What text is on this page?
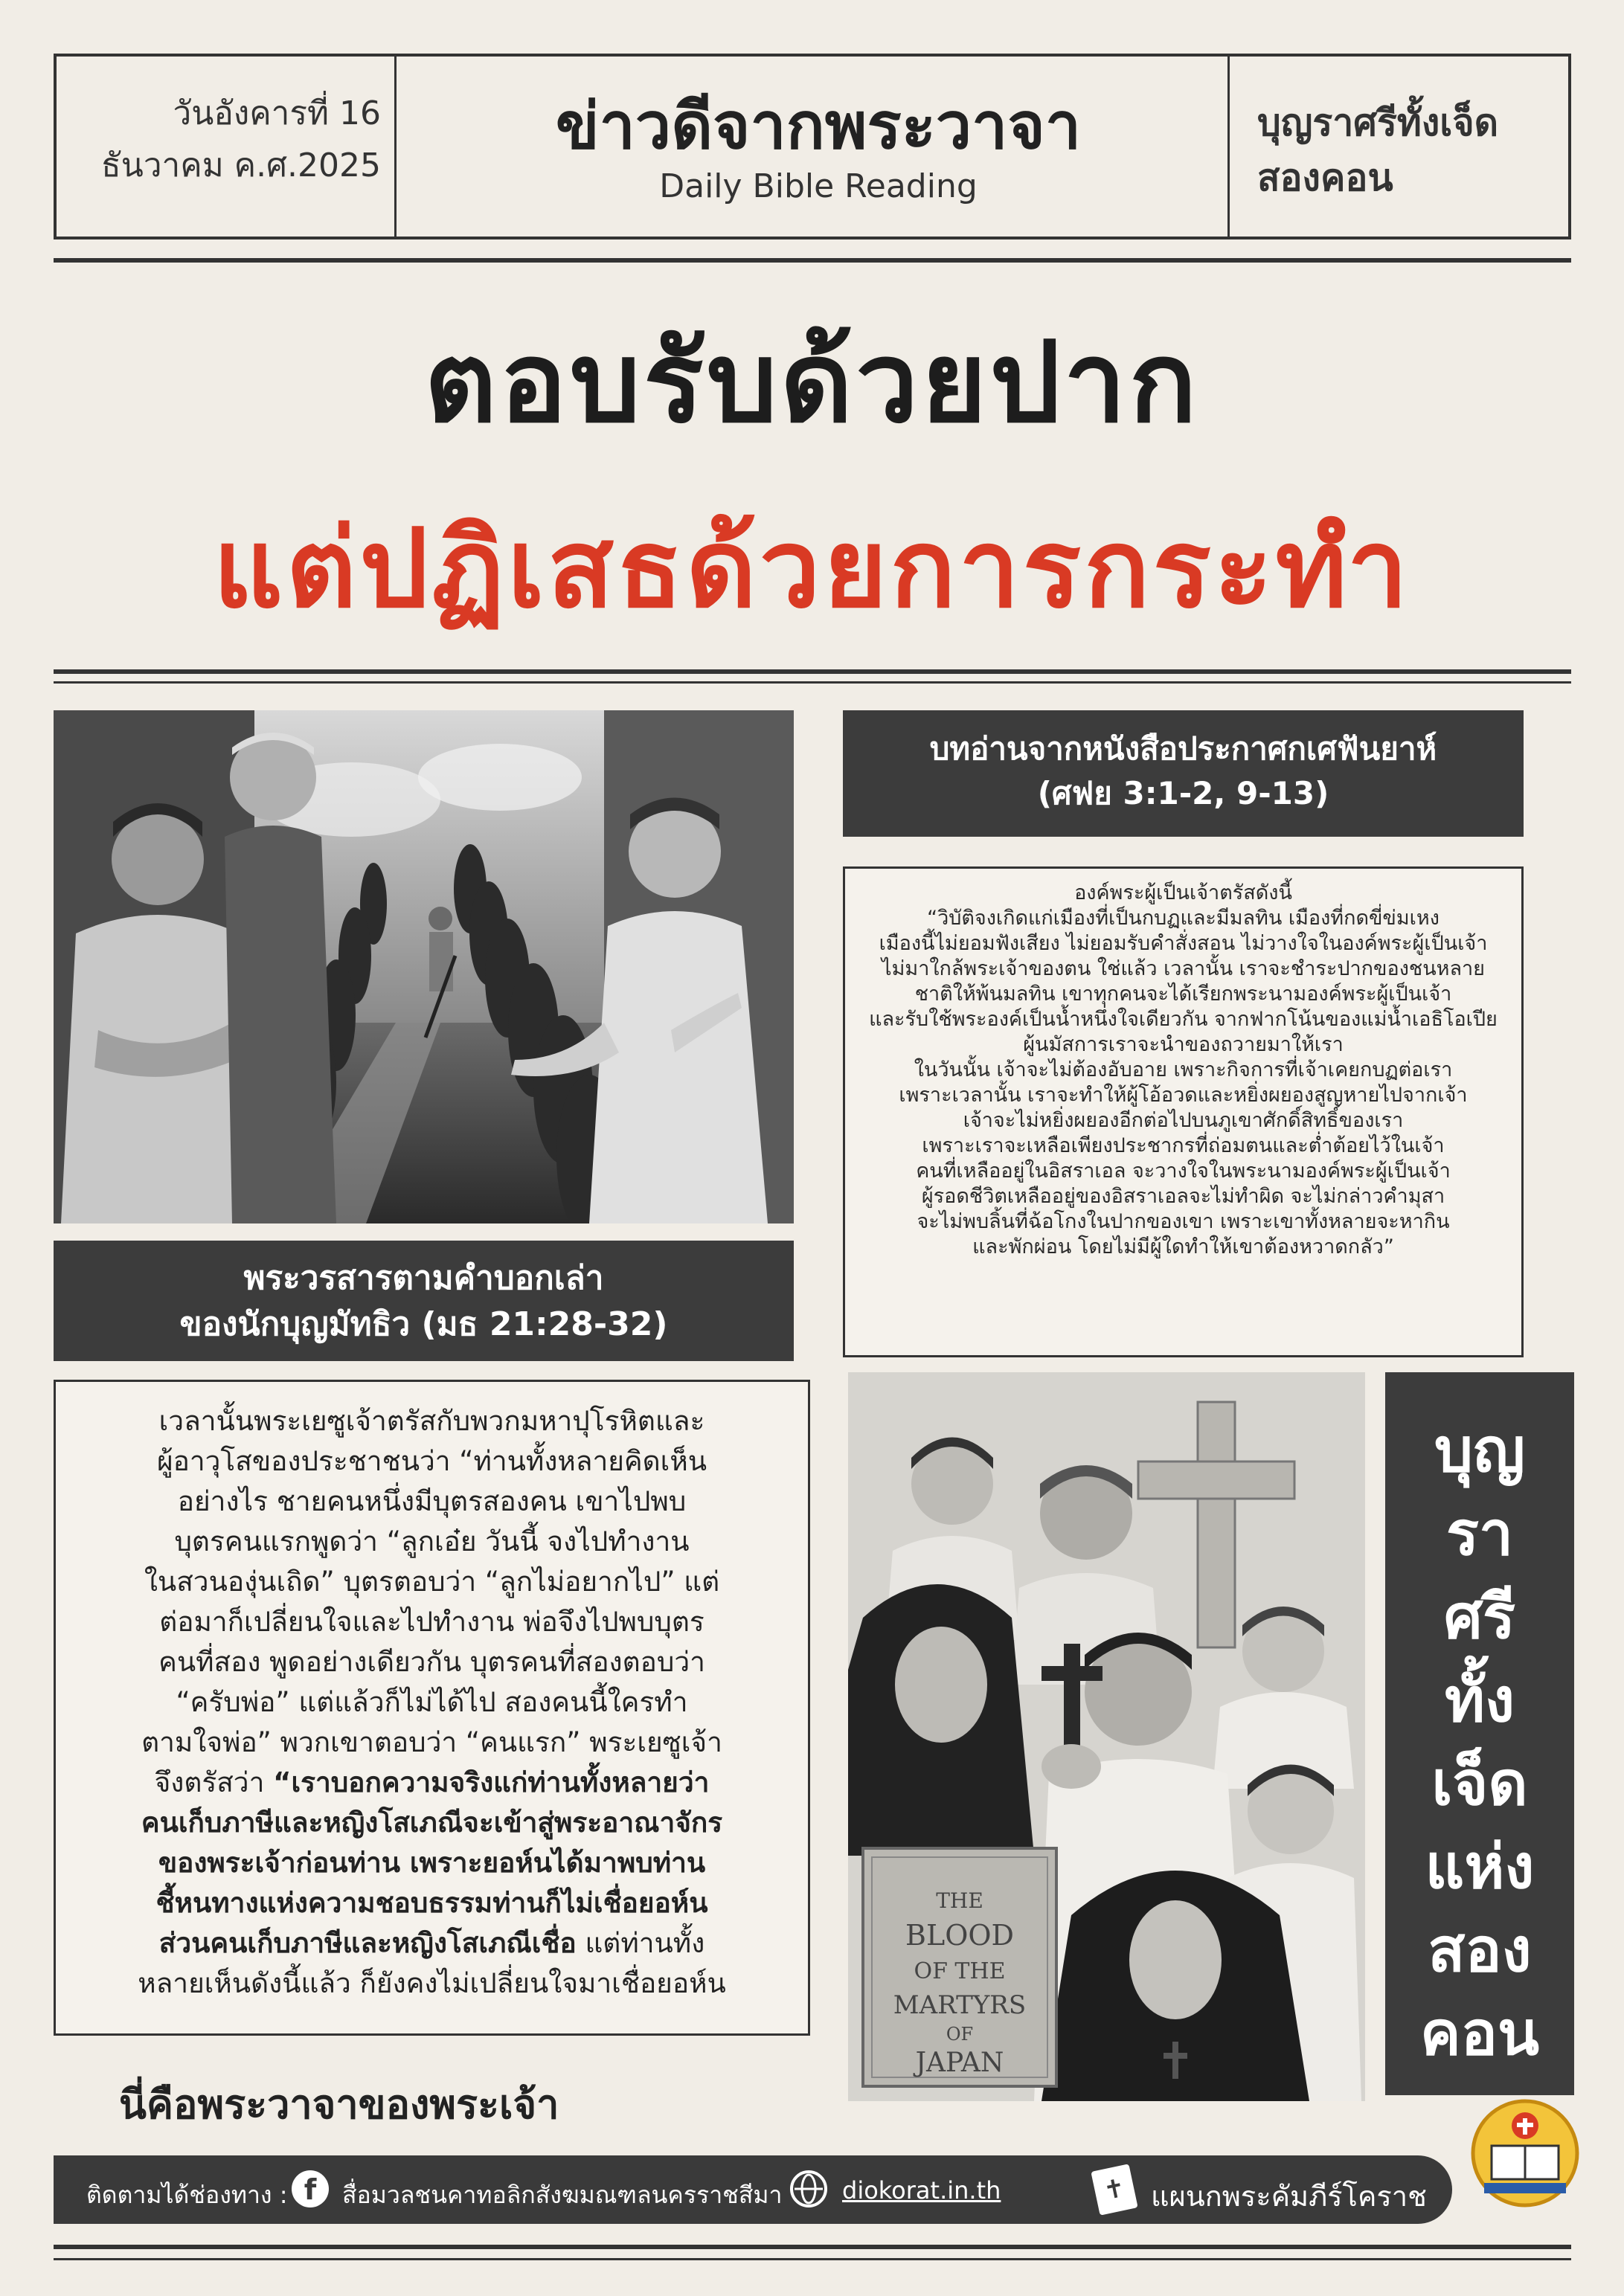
วันอังคารที่ 16
ธันวาคม ค.ศ.2025
ข่าวดีจากพระวาจา
Daily Bible Reading
บุญราศรีทั้งเจ็ด
สองคอน
ตอบรับด้วยปาก
แต่ปฏิเสธด้วยการกระทำ
บทอ่านจากหนังสือประกาศกเศฟันยาห์
(ศฟย 3:1-2, 9-13)
องค์พระผู้เป็นเจ้าตรัสดังนี้
“วิบัติจงเกิดแก่เมืองที่เป็นกบฏและมีมลทิน เมืองที่กดขี่ข่มเหง
เมืองนี้ไม่ยอมฟังเสียง ไม่ยอมรับคำสั่งสอน ไม่วางใจในองค์พระผู้เป็นเจ้า
ไม่มาใกล้พระเจ้าของตน ใช่แล้ว เวลานั้น เราจะชำระปากของชนหลาย
ชาติให้พ้นมลทิน เขาทุกคนจะได้เรียกพระนามองค์พระผู้เป็นเจ้า
และรับใช้พระองค์เป็นน้ำหนึ่งใจเดียวกัน จากฟากโน้นของแม่น้ำเอธิโอเปีย
ผู้นมัสการเราจะนำของถวายมาให้เรา
ในวันนั้น เจ้าจะไม่ต้องอับอาย เพราะกิจการที่เจ้าเคยกบฏต่อเรา
เพราะเวลานั้น เราจะทำให้ผู้โอ้อวดและหยิ่งผยองสูญหายไปจากเจ้า
เจ้าจะไม่หยิ่งผยองอีกต่อไปบนภูเขาศักดิ์สิทธิ์ของเรา
เพราะเราจะเหลือเพียงประชากรที่ถ่อมตนและต่ำต้อยไว้ในเจ้า
คนที่เหลืออยู่ในอิสราเอล จะวางใจในพระนามองค์พระผู้เป็นเจ้า
ผู้รอดชีวิตเหลืออยู่ของอิสราเอลจะไม่ทำผิด จะไม่กล่าวคำมุสา
จะไม่พบลิ้นที่ฉ้อโกงในปากของเขา เพราะเขาทั้งหลายจะหากิน
และพักผ่อน โดยไม่มีผู้ใดทำให้เขาต้องหวาดกลัว”
พระวรสารตามคำบอกเล่า
ของนักบุญมัทธิว (มธ 21:28-32)
เวลานั้นพระเยซูเจ้าตรัสกับพวกมหาปุโรหิตและ
ผู้อาวุโสของประชาชนว่า “ท่านทั้งหลายคิดเห็น
อย่างไร ชายคนหนึ่งมีบุตรสองคน เขาไปพบ
บุตรคนแรกพูดว่า “ลูกเอ๋ย วันนี้ จงไปทำงาน
ในสวนองุ่นเถิด” บุตรตอบว่า “ลูกไม่อยากไป” แต่
ต่อมาก็เปลี่ยนใจและไปทำงาน พ่อจึงไปพบบุตร
คนที่สอง พูดอย่างเดียวกัน บุตรคนที่สองตอบว่า
“ครับพ่อ” แต่แล้วก็ไม่ได้ไป สองคนนี้ใครทำ
ตามใจพ่อ” พวกเขาตอบว่า “คนแรก” พระเยซูเจ้า
จึงตรัสว่า “เราบอกความจริงแก่ท่านทั้งหลายว่า
คนเก็บภาษีและหญิงโสเภณีจะเข้าสู่พระอาณาจักร
ของพระเจ้าก่อนท่าน เพราะยอห์นได้มาพบท่าน
ชี้หนทางแห่งความชอบธรรมท่านก็ไม่เชื่อยอห์น
ส่วนคนเก็บภาษีและหญิงโสเภณีเชื่อ แต่ท่านทั้ง
หลายเห็นดังนี้แล้ว ก็ยังคงไม่เปลี่ยนใจมาเชื่อยอห์น
นี่คือพระวาจาของพระเจ้า
THE
BLOOD
OF THE
MARTYRS
OF
JAPAN
บุญ
รา
ศรี
ทั้ง
เจ็ด
แห่ง
สอง
คอน
ติดตามได้ช่องทาง : f	สื่อมวลชนคาทอลิกสังฆมณฑลนครราชสีมา	diokorat.in.th	✝ แผนกพระคัมภีร์โคราช
